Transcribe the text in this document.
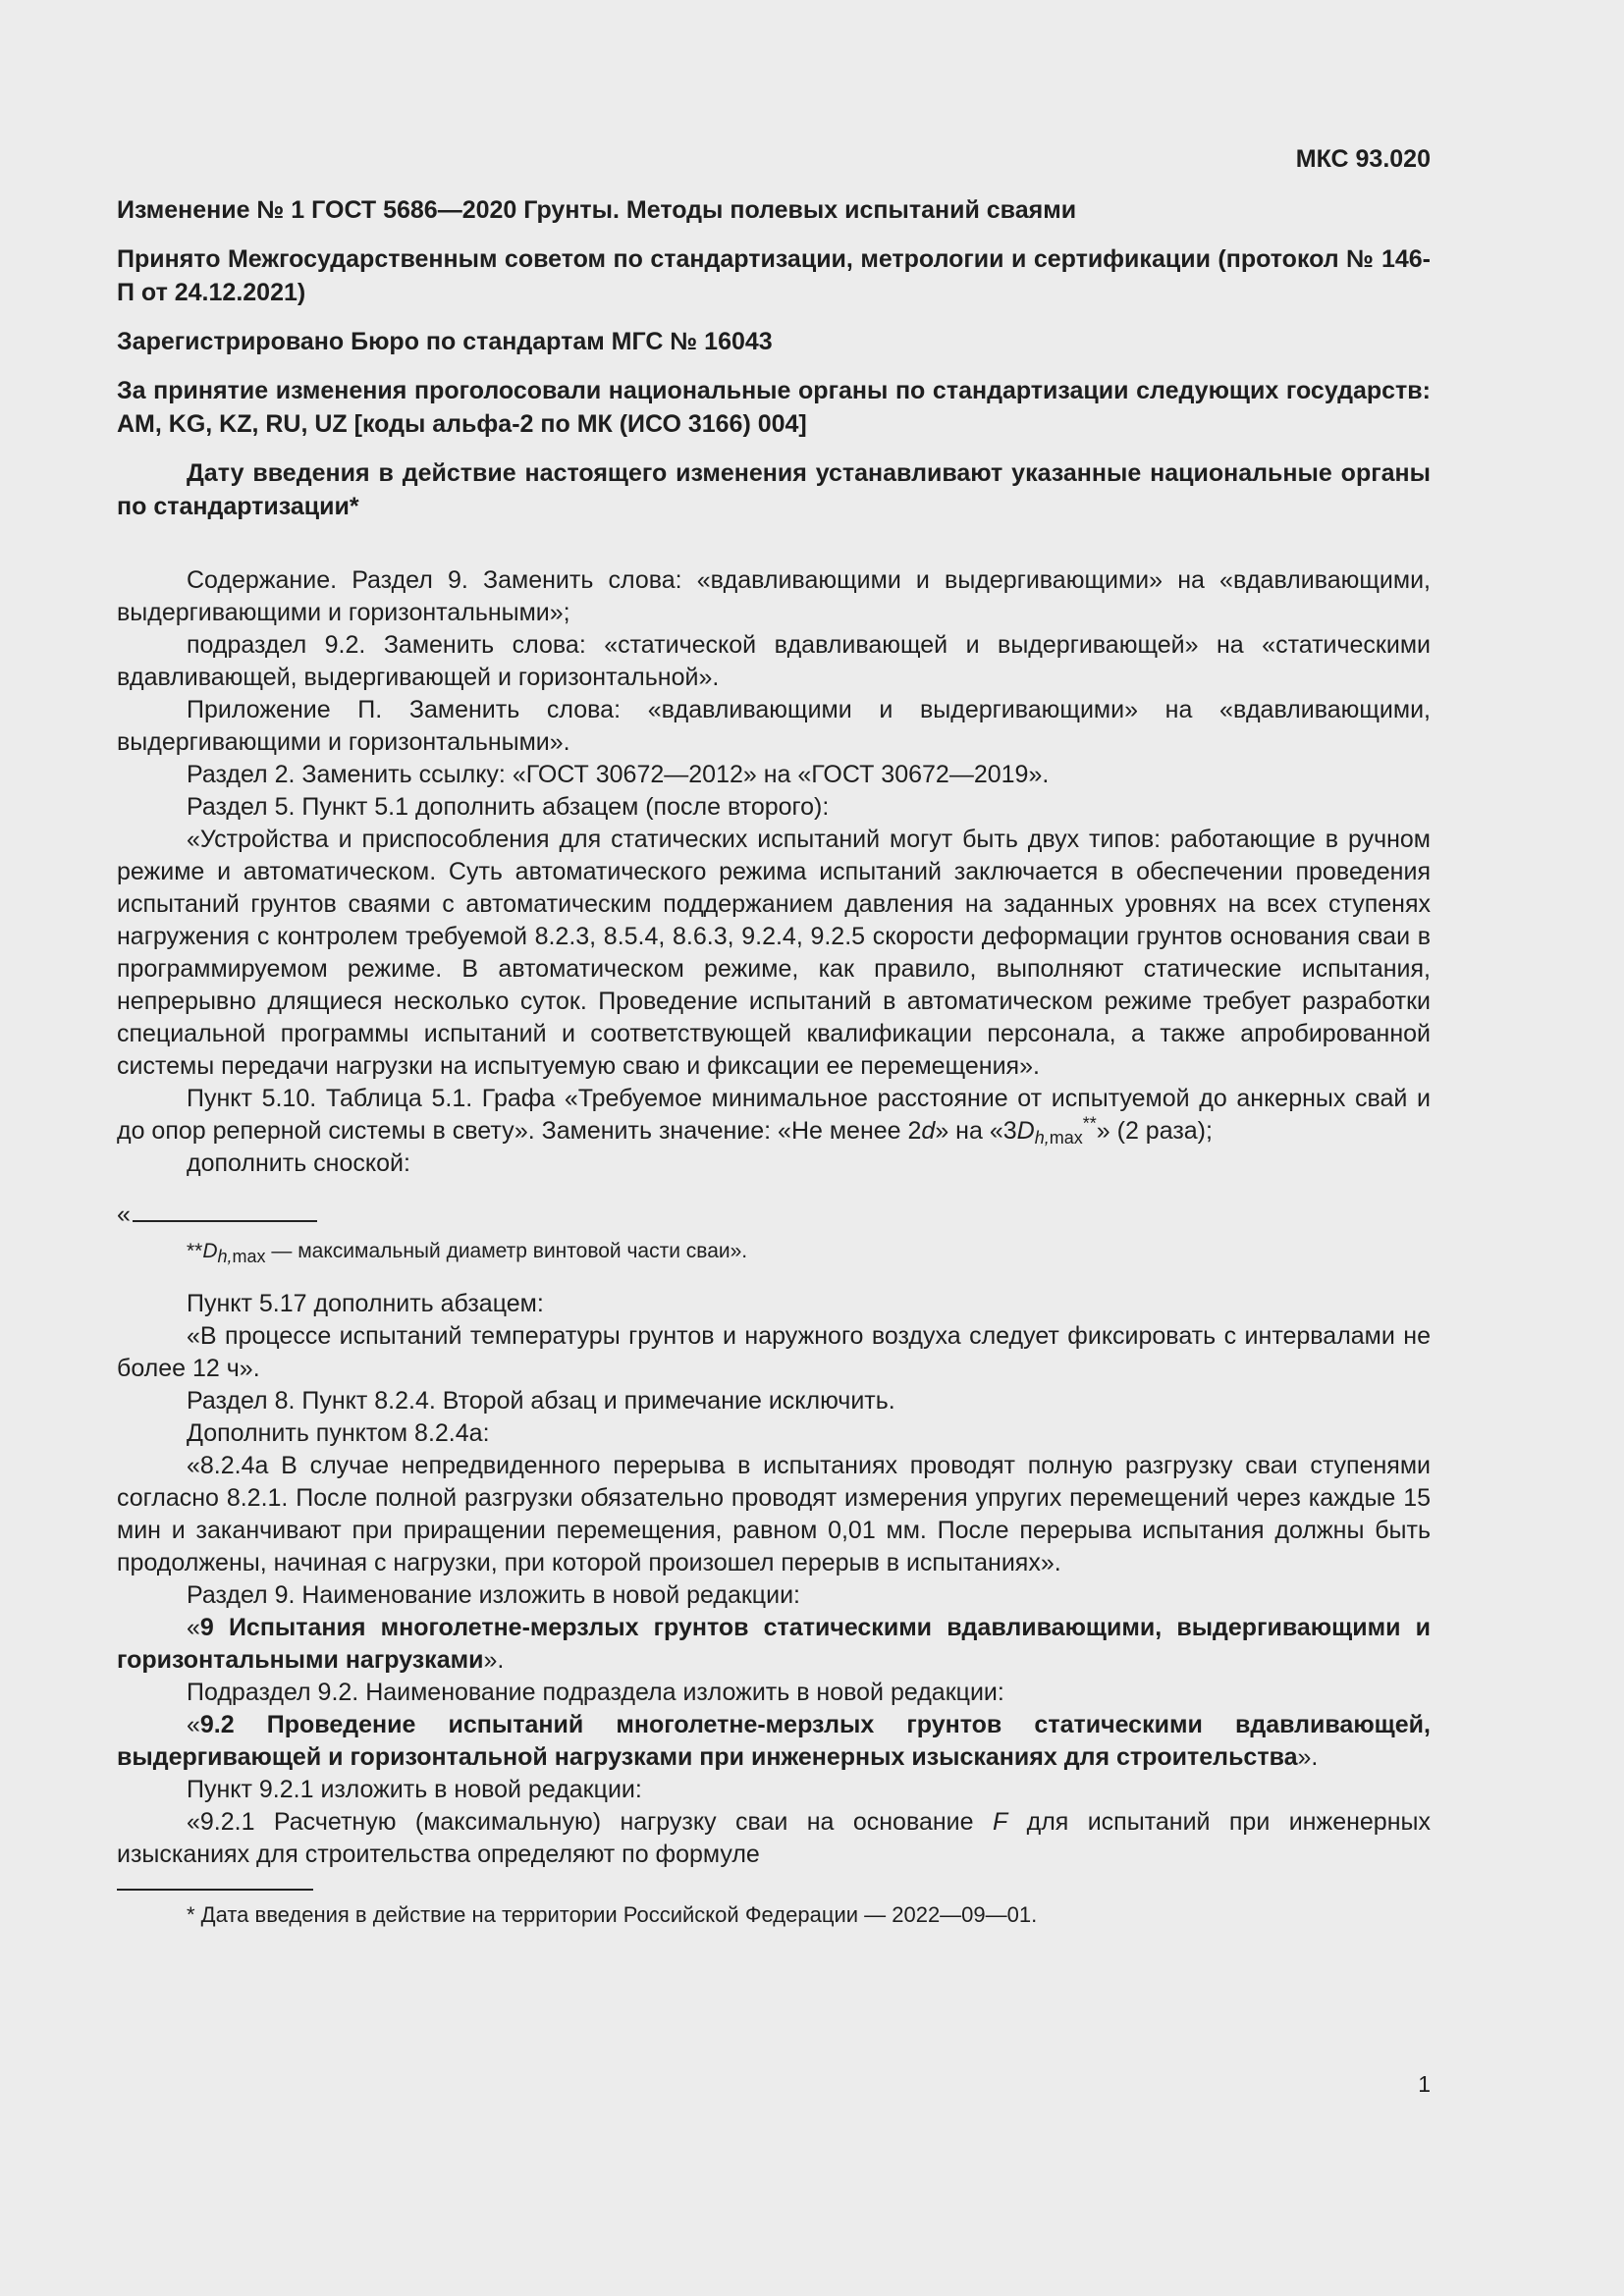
МКС 93.020
Изменение № 1 ГОСТ 5686—2020 Грунты. Методы полевых испытаний сваями
Принято Межгосударственным советом по стандартизации, метрологии и сертификации (протокол № 146-П от 24.12.2021)
Зарегистрировано Бюро по стандартам МГС № 16043
За принятие изменения проголосовали национальные органы по стандартизации следующих государств: AM, KG, KZ, RU, UZ [коды альфа-2 по МК (ИСО 3166) 004]
Дату введения в действие настоящего изменения устанавливают указанные национальные органы по стандартизации*

Содержание. Раздел 9. Заменить слова: «вдавливающими и выдергивающими» на «вдавливающими, выдергивающими и горизонтальными»;

подраздел 9.2. Заменить слова: «статической вдавливающей и выдергивающей» на «статическими вдавливающей, выдергивающей и горизонтальной».

Приложение П. Заменить слова: «вдавливающими и выдергивающими» на «вдавливающими, выдергивающими и горизонтальными».

Раздел 2. Заменить ссылку: «ГОСТ 30672—2012» на «ГОСТ 30672—2019».

Раздел 5. Пункт 5.1 дополнить абзацем (после второго):

«Устройства и приспособления для статических испытаний могут быть двух типов: работающие в ручном режиме и автоматическом. Суть автоматического режима испытаний заключается в обеспечении проведения испытаний грунтов сваями с автоматическим поддержанием давления на заданных уровнях на всех ступенях нагружения с контролем требуемой 8.2.3, 8.5.4, 8.6.3, 9.2.4, 9.2.5 скорости деформации грунтов основания сваи в программируемом режиме. В автоматическом режиме, как правило, выполняют статические испытания, непрерывно длящиеся несколько суток. Проведение испытаний в автоматическом режиме требует разработки специальной программы испытаний и соответствующей квалификации персонала, а также апробированной системы передачи нагрузки на испытуемую сваю и фиксации ее перемещения».

Пункт 5.10. Таблица 5.1. Графа «Требуемое минимальное расстояние от испытуемой до анкерных свай и до опор реперной системы в свету». Заменить значение: «Не менее 2d» на «$3D_{h,max}^{**}$» (2 раза);

дополнить сноской:

«
$**D_{h,max}$ — максимальный диаметр винтовой части сваи».

Пункт 5.17 дополнить абзацем:

«В процессе испытаний температуры грунтов и наружного воздуха следует фиксировать с интервалами не более 12 ч».

Раздел 8. Пункт 8.2.4. Второй абзац и примечание исключить.

Дополнить пунктом 8.2.4а:

«8.2.4а В случае непредвиденного перерыва в испытаниях проводят полную разгрузку сваи ступенями согласно 8.2.1. После полной разгрузки обязательно проводят измерения упругих перемещений через каждые 15 мин и заканчивают при приращении перемещения, равном 0,01 мм. После перерыва испытания должны быть продолжены, начиная с нагрузки, при которой произошел перерыв в испытаниях».

Раздел 9. Наименование изложить в новой редакции:

«9 Испытания многолетне-мерзлых грунтов статическими вдавливающими, выдергивающими и горизонтальными нагрузками».

Подраздел 9.2. Наименование подраздела изложить в новой редакции:

«9.2 Проведение испытаний многолетне-мерзлых грунтов статическими вдавливающей, выдергивающей и горизонтальной нагрузками при инженерных изысканиях для строительства».

Пункт 9.2.1 изложить в новой редакции:

«9.2.1 Расчетную (максимальную) нагрузку сваи на основание F для испытаний при инженерных изысканиях для строительства определяют по формуле

* Дата введения в действие на территории Российской Федерации — 2022—09—01.
1
